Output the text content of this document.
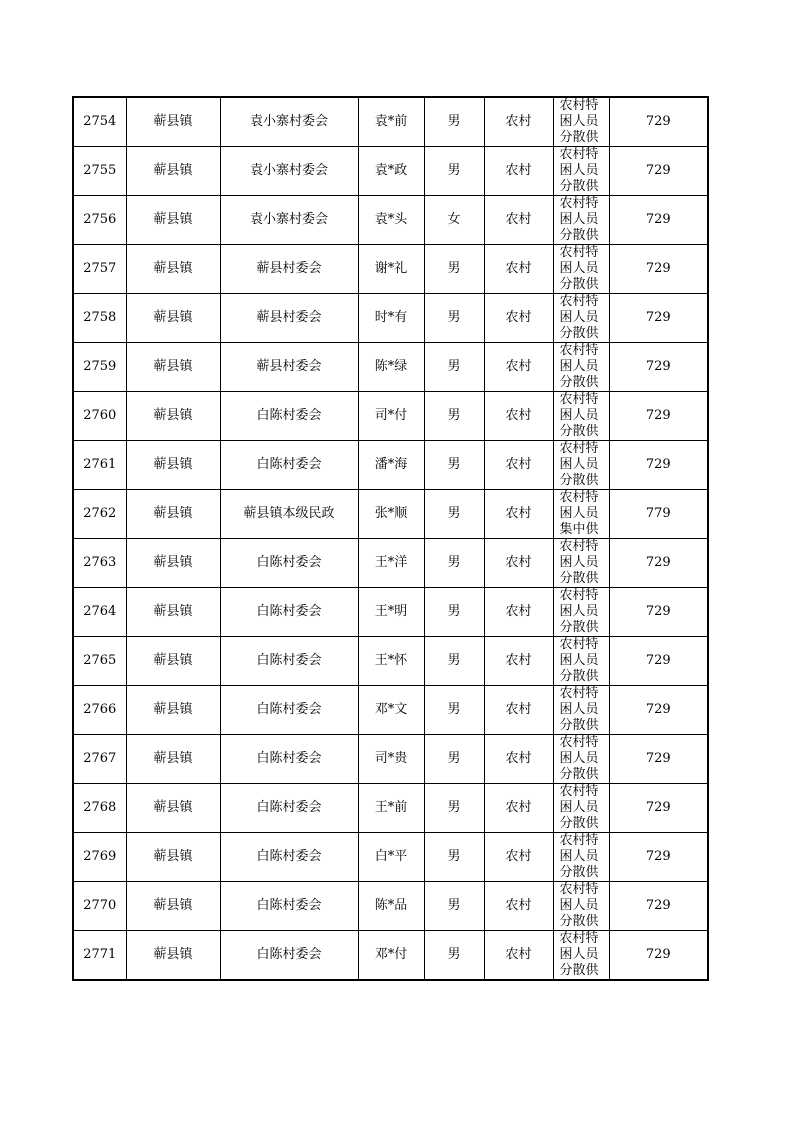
2754	蕲县镇	袁小寨村委会	袁*前	男	农村	农村特困人员分散供	729
2755	蕲县镇	袁小寨村委会	袁*政	男	农村	农村特困人员分散供	729
2756	蕲县镇	袁小寨村委会	袁*头	女	农村	农村特困人员分散供	729
2757	蕲县镇	蕲县村委会	谢*礼	男	农村	农村特困人员分散供	729
2758	蕲县镇	蕲县村委会	时*有	男	农村	农村特困人员分散供	729
2759	蕲县镇	蕲县村委会	陈*绿	男	农村	农村特困人员分散供	729
2760	蕲县镇	白陈村委会	司*付	男	农村	农村特困人员分散供	729
2761	蕲县镇	白陈村委会	潘*海	男	农村	农村特困人员分散供	729
2762	蕲县镇	蕲县镇本级民政	张*顺	男	农村	农村特困人员集中供	779
2763	蕲县镇	白陈村委会	王*洋	男	农村	农村特困人员分散供	729
2764	蕲县镇	白陈村委会	王*明	男	农村	农村特困人员分散供	729
2765	蕲县镇	白陈村委会	王*怀	男	农村	农村特困人员分散供	729
2766	蕲县镇	白陈村委会	邓*文	男	农村	农村特困人员分散供	729
2767	蕲县镇	白陈村委会	司*贵	男	农村	农村特困人员分散供	729
2768	蕲县镇	白陈村委会	王*前	男	农村	农村特困人员分散供	729
2769	蕲县镇	白陈村委会	白*平	男	农村	农村特困人员分散供	729
2770	蕲县镇	白陈村委会	陈*品	男	农村	农村特困人员分散供	729
2771	蕲县镇	白陈村委会	邓*付	男	农村	农村特困人员分散供	729
